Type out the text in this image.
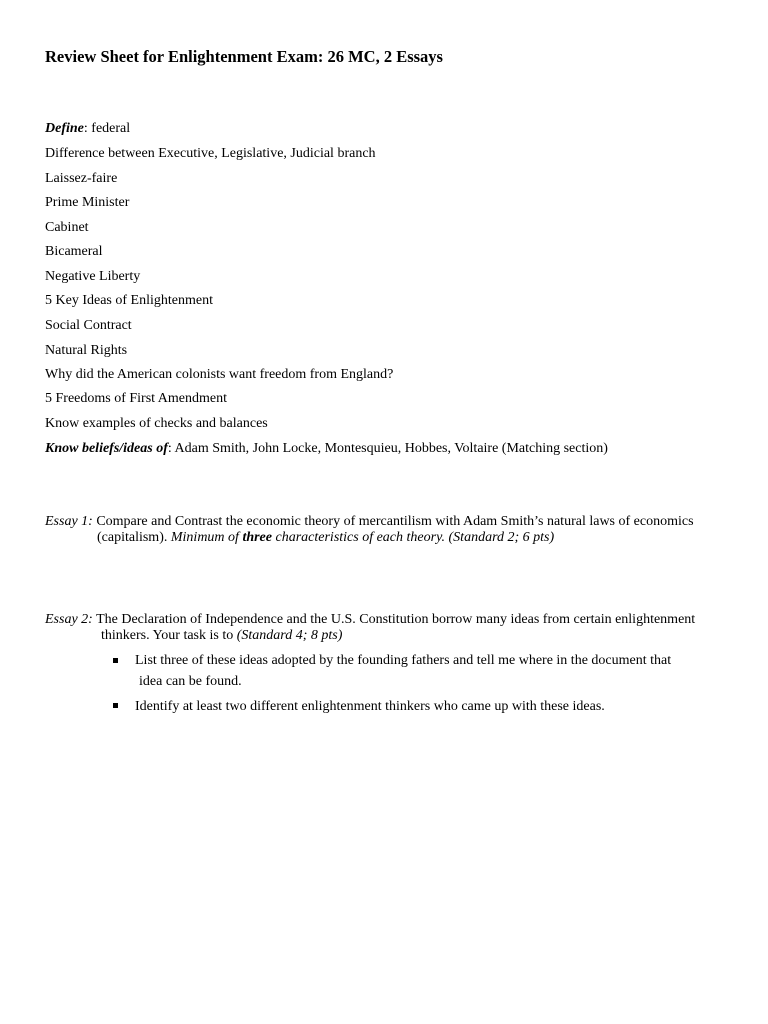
Review Sheet for Enlightenment Exam: 26 MC, 2 Essays
Define: federal
Difference between Executive, Legislative, Judicial branch
Laissez-faire
Prime Minister
Cabinet
Bicameral
Negative Liberty
5 Key Ideas of Enlightenment
Social Contract
Natural Rights
Why did the American colonists want freedom from England?
5 Freedoms of First Amendment
Know examples of checks and balances
Know beliefs/ideas of: Adam Smith, John Locke, Montesquieu, Hobbes, Voltaire (Matching section)
Essay 1: Compare and Contrast the economic theory of mercantilism with Adam Smith’s natural laws of economics
(capitalism). Minimum of three characteristics of each theory. (Standard 2; 6 pts)
Essay 2: The Declaration of Independence and the U.S. Constitution borrow many ideas from certain enlightenment
thinkers. Your task is to (Standard 4; 8 pts)
List three of these ideas adopted by the founding fathers and tell me where in the document that
idea can be found.
Identify at least two different enlightenment thinkers who came up with these ideas.
